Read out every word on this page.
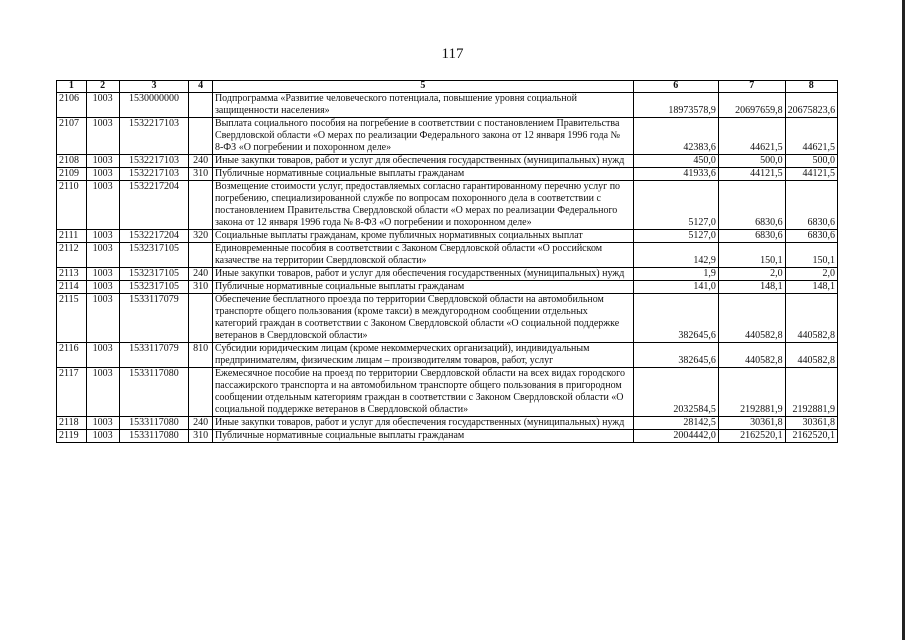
117
1	2	3	4	5	6	7	8
2106	1003	1530000000		Подпрограмма «Развитие человеческого потенциала, повышение уровня социальной защищенности населения»	18973578,9	20697659,8	20675823,6
2107	1003	1532217103		Выплата социального пособия на погребение в соответствии с постановлением Правительства Свердловской области «О мерах по реализации Федерального закона от 12 января 1996 года № 8-ФЗ «О погребении и похоронном деле»	42383,6	44621,5	44621,5
2108	1003	1532217103	240	Иные закупки товаров, работ и услуг для обеспечения государственных (муниципальных) нужд	450,0	500,0	500,0
2109	1003	1532217103	310	Публичные нормативные социальные выплаты гражданам	41933,6	44121,5	44121,5
2110	1003	1532217204		Возмещение стоимости услуг, предоставляемых согласно гарантированному перечню услуг по погребению, специализированной службе по вопросам похоронного дела в соответствии с постановлением Правительства Свердловской области «О мерах по реализации Федерального закона от 12 января 1996 года № 8-ФЗ «О погребении и похоронном деле»	5127,0	6830,6	6830,6
2111	1003	1532217204	320	Социальные выплаты гражданам, кроме публичных нормативных социальных выплат	5127,0	6830,6	6830,6
2112	1003	1532317105		Единовременные пособия в соответствии с Законом Свердловской области «О российском казачестве на территории Свердловской области»	142,9	150,1	150,1
2113	1003	1532317105	240	Иные закупки товаров, работ и услуг для обеспечения государственных (муниципальных) нужд	1,9	2,0	2,0
2114	1003	1532317105	310	Публичные нормативные социальные выплаты гражданам	141,0	148,1	148,1
2115	1003	1533117079		Обеспечение бесплатного проезда по территории Свердловской области на автомобильном транспорте общего пользования (кроме такси) в междугородном сообщении отдельных категорий граждан в соответствии с Законом Свердловской области «О социальной поддержке ветеранов в Свердловской области»	382645,6	440582,8	440582,8
2116	1003	1533117079	810	Субсидии юридическим лицам (кроме некоммерческих организаций), индивидуальным предпринимателям, физическим лицам – производителям товаров, работ, услуг	382645,6	440582,8	440582,8
2117	1003	1533117080		Ежемесячное пособие на проезд по территории Свердловской области на всех видах городского пассажирского транспорта и на автомобильном транспорте общего пользования в пригородном сообщении отдельным категориям граждан в соответствии с Законом Свердловской области «О социальной поддержке ветеранов в Свердловской области»	2032584,5	2192881,9	2192881,9
2118	1003	1533117080	240	Иные закупки товаров, работ и услуг для обеспечения государственных (муниципальных) нужд	28142,5	30361,8	30361,8
2119	1003	1533117080	310	Публичные нормативные социальные выплаты гражданам	2004442,0	2162520,1	2162520,1
